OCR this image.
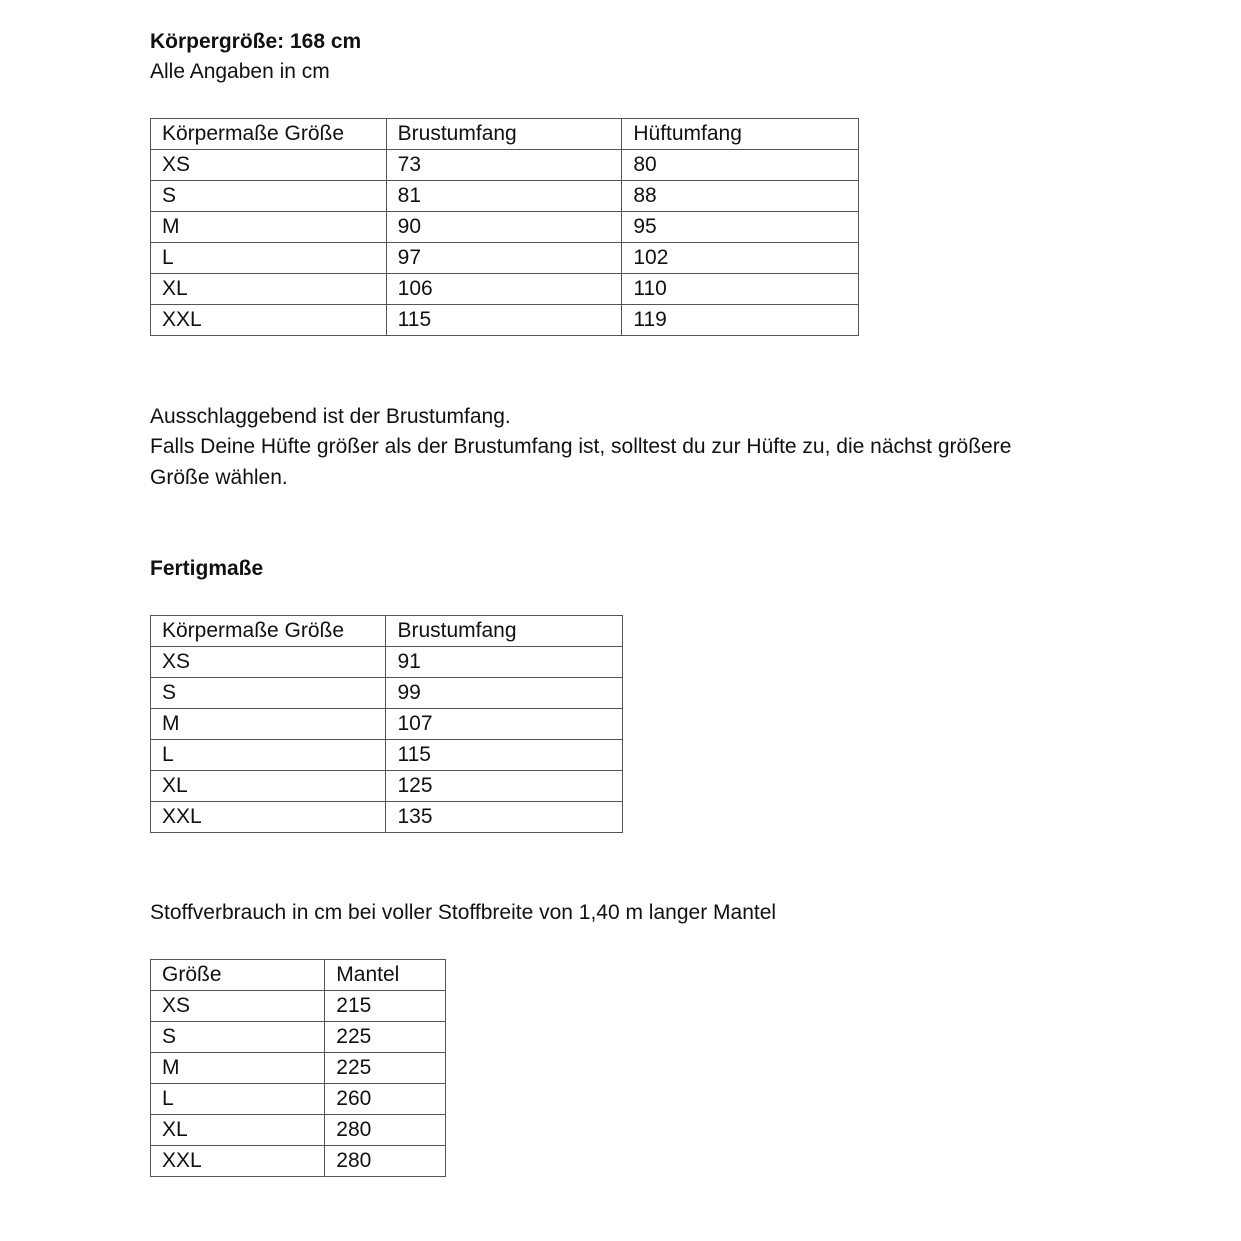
Körpergröße: 168 cm
Alle Angaben in cm
Körpermaße Größe	Brustumfang	Hüftumfang
XS	73	80
S	81	88
M	90	95
L	97	102
XL	106	110
XXL	115	119
Ausschlaggebend ist der Brustumfang.
Falls Deine Hüfte größer als der Brustumfang ist, solltest du zur Hüfte zu, die nächst größere
Größe wählen.
Fertigmaße
Körpermaße Größe	Brustumfang
XS	91
S	99
M	107
L	115
XL	125
XXL	135
Stoffverbrauch in cm bei voller Stoffbreite von 1,40 m langer Mantel
Größe	Mantel
XS	215
S	225
M	225
L	260
XL	280
XXL	280
